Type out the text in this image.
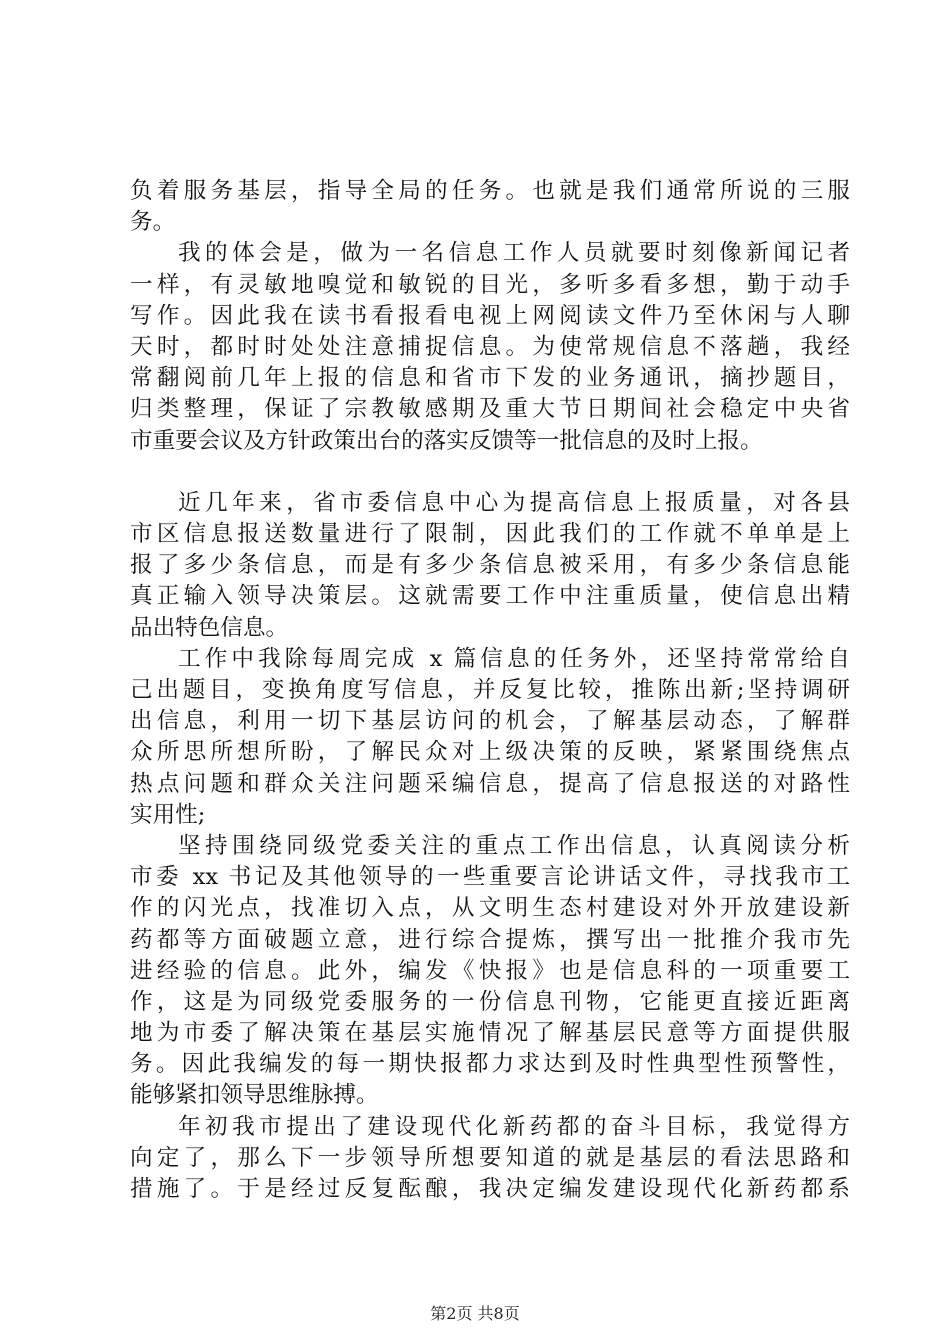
负着服务基层，指导全局的任务。也就是我们通常所说的三服
务。
我的体会是，做为一名信息工作人员就要时刻像新闻记者
一样，有灵敏地嗅觉和敏锐的目光，多听多看多想，勤于动手
写作。因此我在读书看报看电视上网阅读文件乃至休闲与人聊
天时，都时时处处注意捕捉信息。为使常规信息不落趟，我经
常翻阅前几年上报的信息和省市下发的业务通讯，摘抄题目，
归类整理，保证了宗教敏感期及重大节日期间社会稳定中央省
市重要会议及方针政策出台的落实反馈等一批信息的及时上报。
近几年来，省市委信息中心为提高信息上报质量，对各县
市区信息报送数量进行了限制，因此我们的工作就不单单是上
报了多少条信息，而是有多少条信息被采用，有多少条信息能
真正输入领导决策层。这就需要工作中注重质量，使信息出精
品出特色信息。
工作中我除每周完成 x 篇信息的任务外，还坚持常常给自
己出题目，变换角度写信息，并反复比较，推陈出新;坚持调研
出信息，利用一切下基层访问的机会，了解基层动态，了解群
众所思所想所盼，了解民众对上级决策的反映，紧紧围绕焦点
热点问题和群众关注问题采编信息，提高了信息报送的对路性
实用性;
坚持围绕同级党委关注的重点工作出信息，认真阅读分析
市委 xx 书记及其他领导的一些重要言论讲话文件，寻找我市工
作的闪光点，找准切入点，从文明生态村建设对外开放建设新
药都等方面破题立意，进行综合提炼，撰写出一批推介我市先
进经验的信息。此外，编发《快报》也是信息科的一项重要工
作，这是为同级党委服务的一份信息刊物，它能更直接近距离
地为市委了解决策在基层实施情况了解基层民意等方面提供服
务。因此我编发的每一期快报都力求达到及时性典型性预警性，
能够紧扣领导思维脉搏。
年初我市提出了建设现代化新药都的奋斗目标，我觉得方
向定了，那么下一步领导所想要知道的就是基层的看法思路和
措施了。于是经过反复酝酿，我决定编发建设现代化新药都系
第2页 共8页
